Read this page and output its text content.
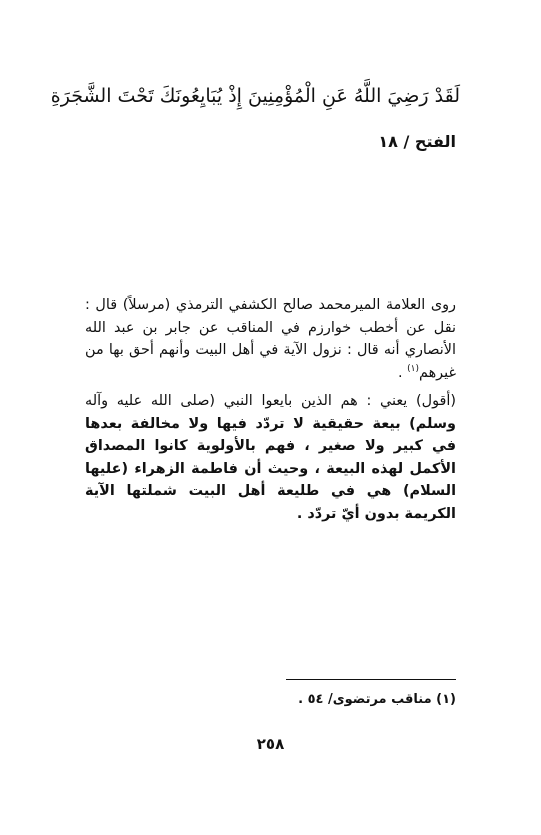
لَقَدْ رَضِيَ اللَّهُ عَنِ الْمُؤْمِنِينَ إِذْ يُبَايِعُونَكَ تَحْتَ الشَّجَرَةِ
الفتح / ١٨

روى العلامة الميرمحمد صالح الكشفي الترمذي (مرسلاً) قال : نقل عن أخطب خوارزم في المناقب عن جابر بن عبد الله الأنصاري أنه قال : نزول الآية في أهل البيت وأنهم أحق بها من غيرهم$^{(١)}$ .

(أقول) يعني : هم الذين بايعوا النبي (صلى الله عليه وآله وسلم) بيعة حقيقية لا تردّد فيها ولا مخالفة بعدها في كبير ولا صغير ، فهم بالأولوية كانوا المصداق الأكمل لهذه البيعة ، وحيث أن فاطمة الزهراء (عليها السلام) هي في طليعة أهل البيت شملتها الآية الكريمة بدون أيّ تردّد .

(١) مناقب مرتضوى/ ٥٤ .
٢٥٨
